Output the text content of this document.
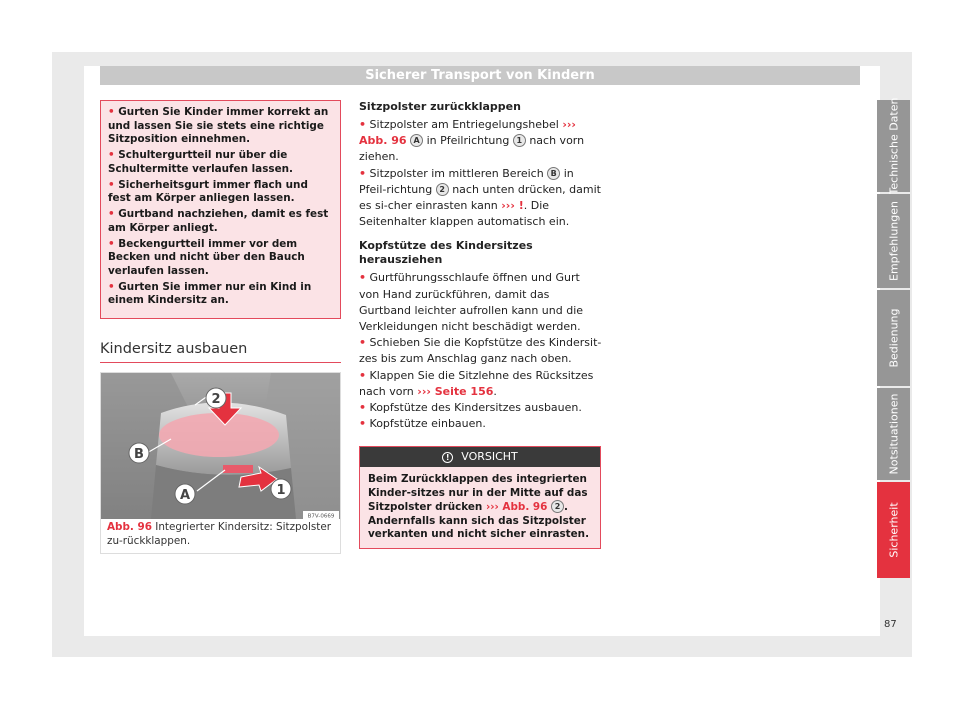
Sicherer Transport von Kindern
• Gurten Sie Kinder immer korrekt an und lassen Sie sie stets eine richtige Sitzposition einnehmen.
• Schultergurtteil nur über die Schultermitte verlaufen lassen.
• Sicherheitsgurt immer flach und fest am Körper anliegen lassen.
• Gurtband nachziehen, damit es fest am Körper anliegt.
• Beckengurtteil immer vor dem Becken und nicht über den Bauch verlaufen lassen.
• Gurten Sie immer nur ein Kind in einem Kindersitz an.
Kindersitz ausbauen
2
B
A	1
B7V-0669
Abb. 96 Integrierter Kindersitz: Sitzpolster zu-rückklappen.
Sitzpolster zurückklappen
• Sitzpolster am Entriegelungshebel ››› Abb. 96 A in Pfeilrichtung 1 nach vorn ziehen.
• Sitzpolster im mittleren Bereich B in Pfeil-richtung 2 nach unten drücken, damit es si-cher einrasten kann ››› !. Die Seitenhalter klappen automatisch ein.
Kopfstütze des Kindersitzes herausziehen
• Gurtführungsschlaufe öffnen und Gurt von Hand zurückführen, damit das Gurtband leichter aufrollen kann und die Verkleidungen nicht beschädigt werden.
• Schieben Sie die Kopfstütze des Kindersit-zes bis zum Anschlag ganz nach oben.
• Klappen Sie die Sitzlehne des Rücksitzes nach vorn ››› Seite 156.
• Kopfstütze des Kindersitzes ausbauen.
• Kopfstütze einbauen.
! VORSICHT
Beim Zurückklappen des integrierten Kinder-sitzes nur in der Mitte auf das Sitzpolster drücken ››› Abb. 96 2 . Andernfalls kann sich das Sitzpolster verkanten und nicht sicher einrasten.
Technische Daten
Empfehlungen
Bedienung
Notsituationen
Sicherheit
87
